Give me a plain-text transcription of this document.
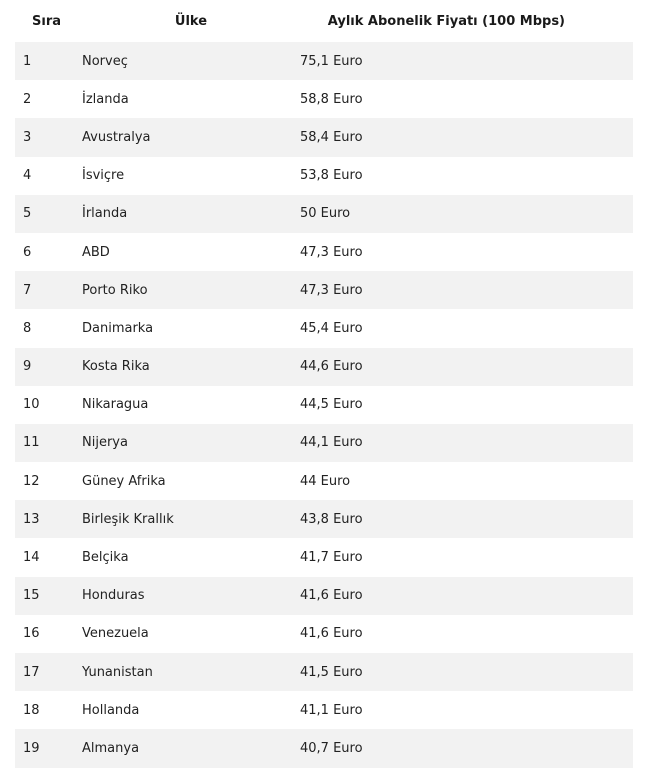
Sıra	Ülke	Aylık Abonelik Fiyatı (100 Mbps)
1	Norveç	75,1 Euro
2	İzlanda	58,8 Euro
3	Avustralya	58,4 Euro
4	İsviçre	53,8 Euro
5	İrlanda	50 Euro
6	ABD	47,3 Euro
7	Porto Riko	47,3 Euro
8	Danimarka	45,4 Euro
9	Kosta Rika	44,6 Euro
10	Nikaragua	44,5 Euro
11	Nijerya	44,1 Euro
12	Güney Afrika	44 Euro
13	Birleşik Krallık	43,8 Euro
14	Belçika	41,7 Euro
15	Honduras	41,6 Euro
16	Venezuela	41,6 Euro
17	Yunanistan	41,5 Euro
18	Hollanda	41,1 Euro
19	Almanya	40,7 Euro
